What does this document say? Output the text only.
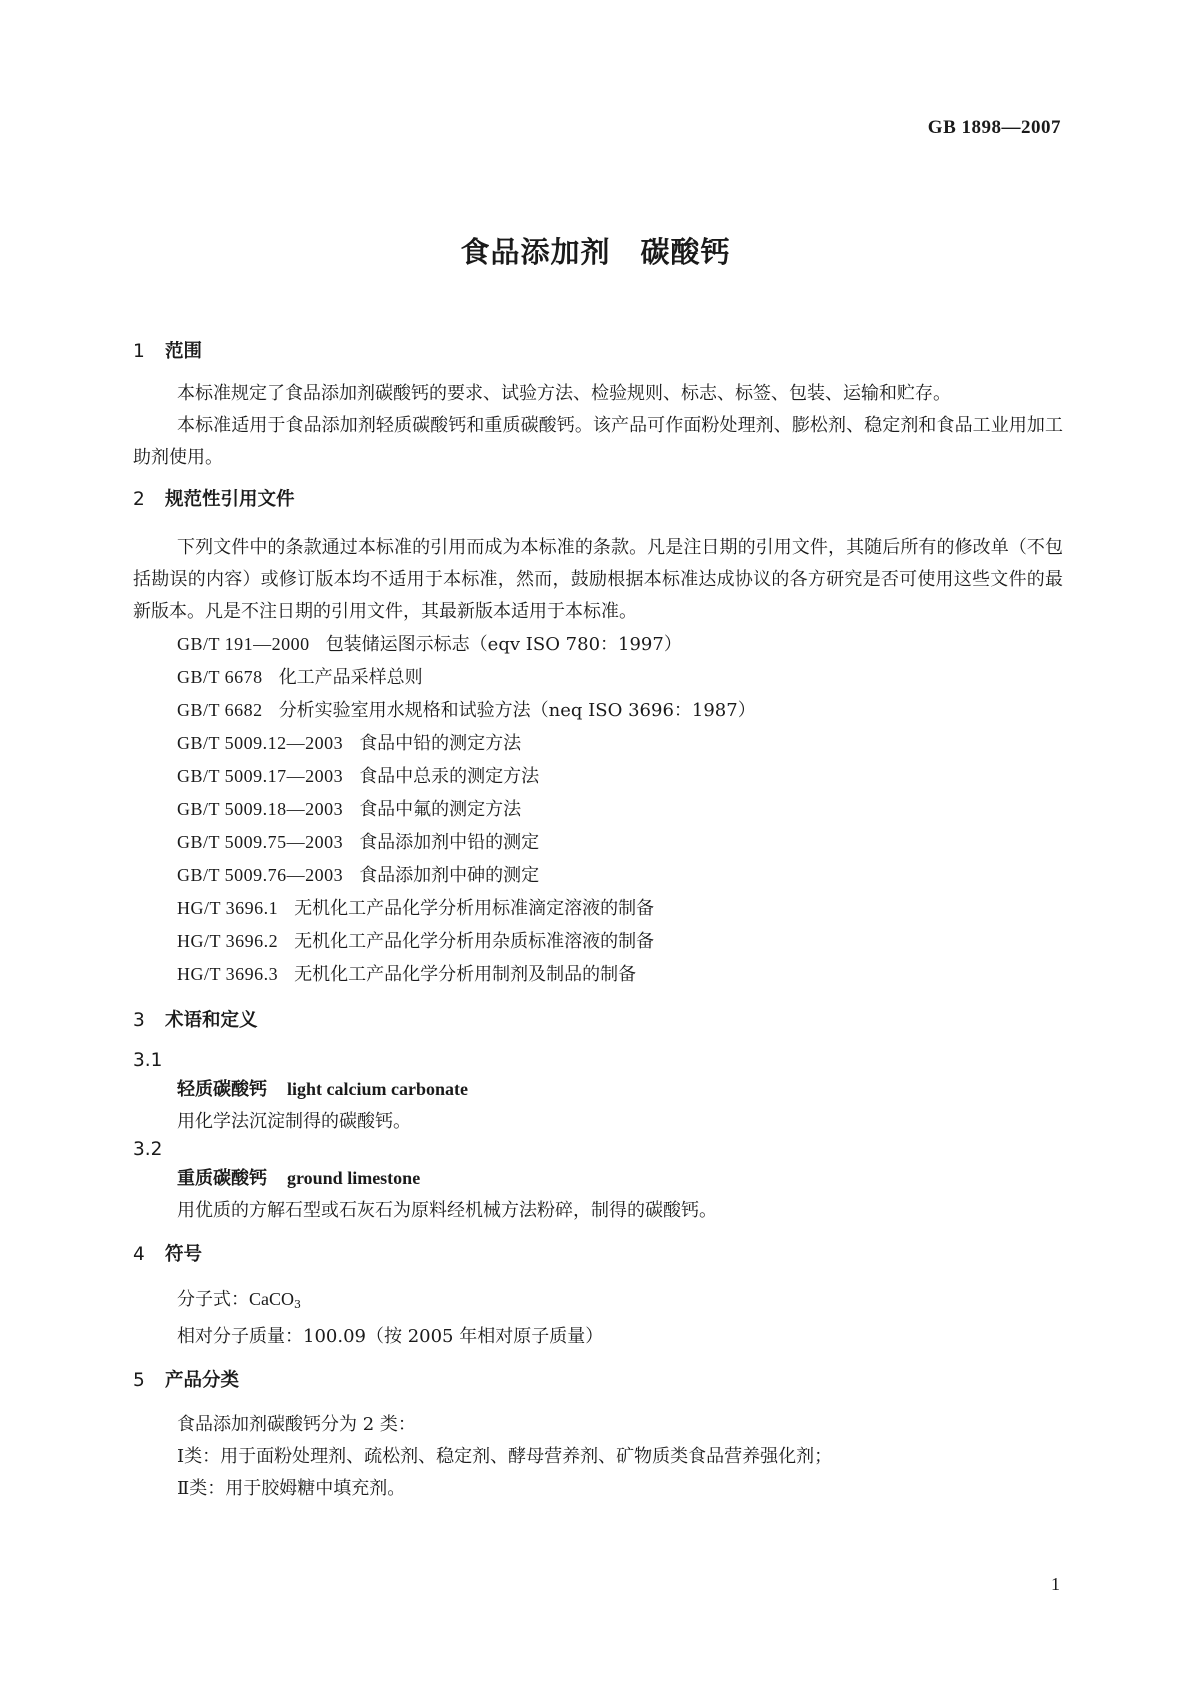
GB 1898—2007
食品添加剂　碳酸钙
1 范围
本标准规定了食品添加剂碳酸钙的要求、试验方法、检验规则、标志、标签、包装、运输和贮存。
本标准适用于食品添加剂轻质碳酸钙和重质碳酸钙。该产品可作面粉处理剂、膨松剂、稳定剂和食品工业用加工助剂使用。
2 规范性引用文件
下列文件中的条款通过本标准的引用而成为本标准的条款。凡是注日期的引用文件，其随后所有的修改单（不包括勘误的内容）或修订版本均不适用于本标准，然而，鼓励根据本标准达成协议的各方研究是否可使用这些文件的最新版本。凡是不注日期的引用文件，其最新版本适用于本标准。
GB/T 191—2000 包装储运图示标志（eqv ISO 780：1997）
GB/T 6678 化工产品采样总则
GB/T 6682 分析实验室用水规格和试验方法（neq ISO 3696：1987）
GB/T 5009.12—2003 食品中铅的测定方法
GB/T 5009.17—2003 食品中总汞的测定方法
GB/T 5009.18—2003 食品中氟的测定方法
GB/T 5009.75—2003 食品添加剂中铅的测定
GB/T 5009.76—2003 食品添加剂中砷的测定
HG/T 3696.1 无机化工产品化学分析用标准滴定溶液的制备
HG/T 3696.2 无机化工产品化学分析用杂质标准溶液的制备
HG/T 3696.3 无机化工产品化学分析用制剂及制品的制备
3 术语和定义
3.1
轻质碳酸钙 light calcium carbonate
用化学法沉淀制得的碳酸钙。
3.2
重质碳酸钙 ground limestone
用优质的方解石型或石灰石为原料经机械方法粉碎，制得的碳酸钙。
4 符号
分子式：CaCO$_3$
相对分子质量：100.09（按 2005 年相对原子质量）
5 产品分类
食品添加剂碳酸钙分为 2 类：
Ⅰ类：用于面粉处理剂、疏松剂、稳定剂、酵母营养剂、矿物质类食品营养强化剂；
Ⅱ类：用于胶姆糖中填充剂。
1
